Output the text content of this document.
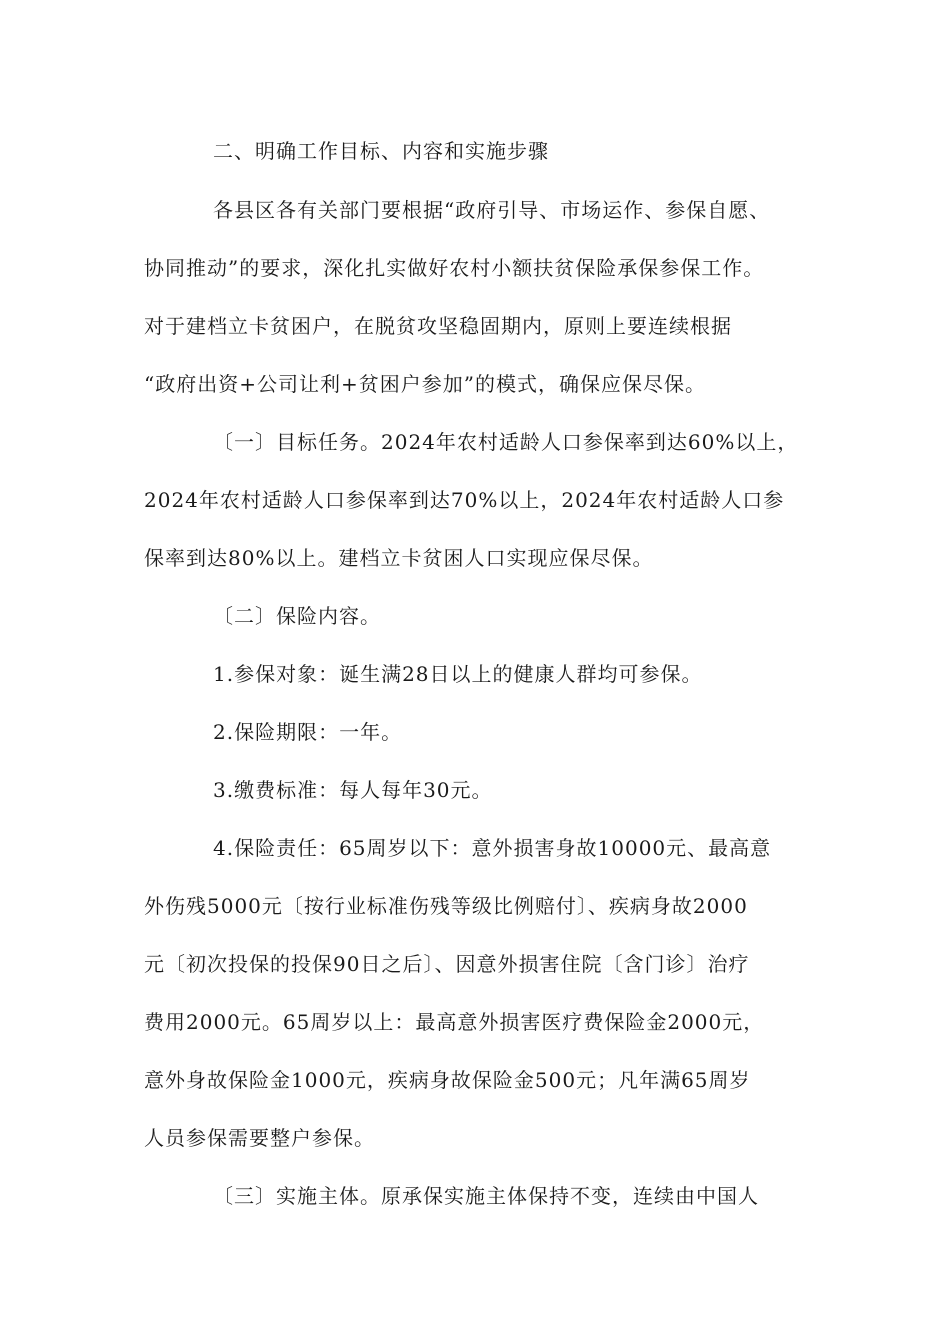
二、明确工作目标、内容和实施步骤
各县区各有关部门要根据“政府引导、市场运作、参保自愿、
协同推动”的要求，深化扎实做好农村小额扶贫保险承保参保工作。
对于建档立卡贫困户，在脱贫攻坚稳固期内，原则上要连续根据
“政府出资+公司让利+贫困户参加”的模式，确保应保尽保。
〔一〕目标任务。2024年农村适龄人口参保率到达60%以上，
2024年农村适龄人口参保率到达70%以上，2024年农村适龄人口参
保率到达80%以上。建档立卡贫困人口实现应保尽保。
〔二〕保险内容。
1.参保对象：诞生满28日以上的健康人群均可参保。
2.保险期限：一年。
3.缴费标准：每人每年30元。
4.保险责任：65周岁以下：意外损害身故10000元、最高意
外伤残5000元〔按行业标准伤残等级比例赔付〕、疾病身故2000
元〔初次投保的投保90日之后〕、因意外损害住院〔含门诊〕治疗
费用2000元。65周岁以上：最高意外损害医疗费保险金2000元，
意外身故保险金1000元，疾病身故保险金500元；凡年满65周岁
人员参保需要整户参保。
〔三〕实施主体。原承保实施主体保持不变，连续由中国人
